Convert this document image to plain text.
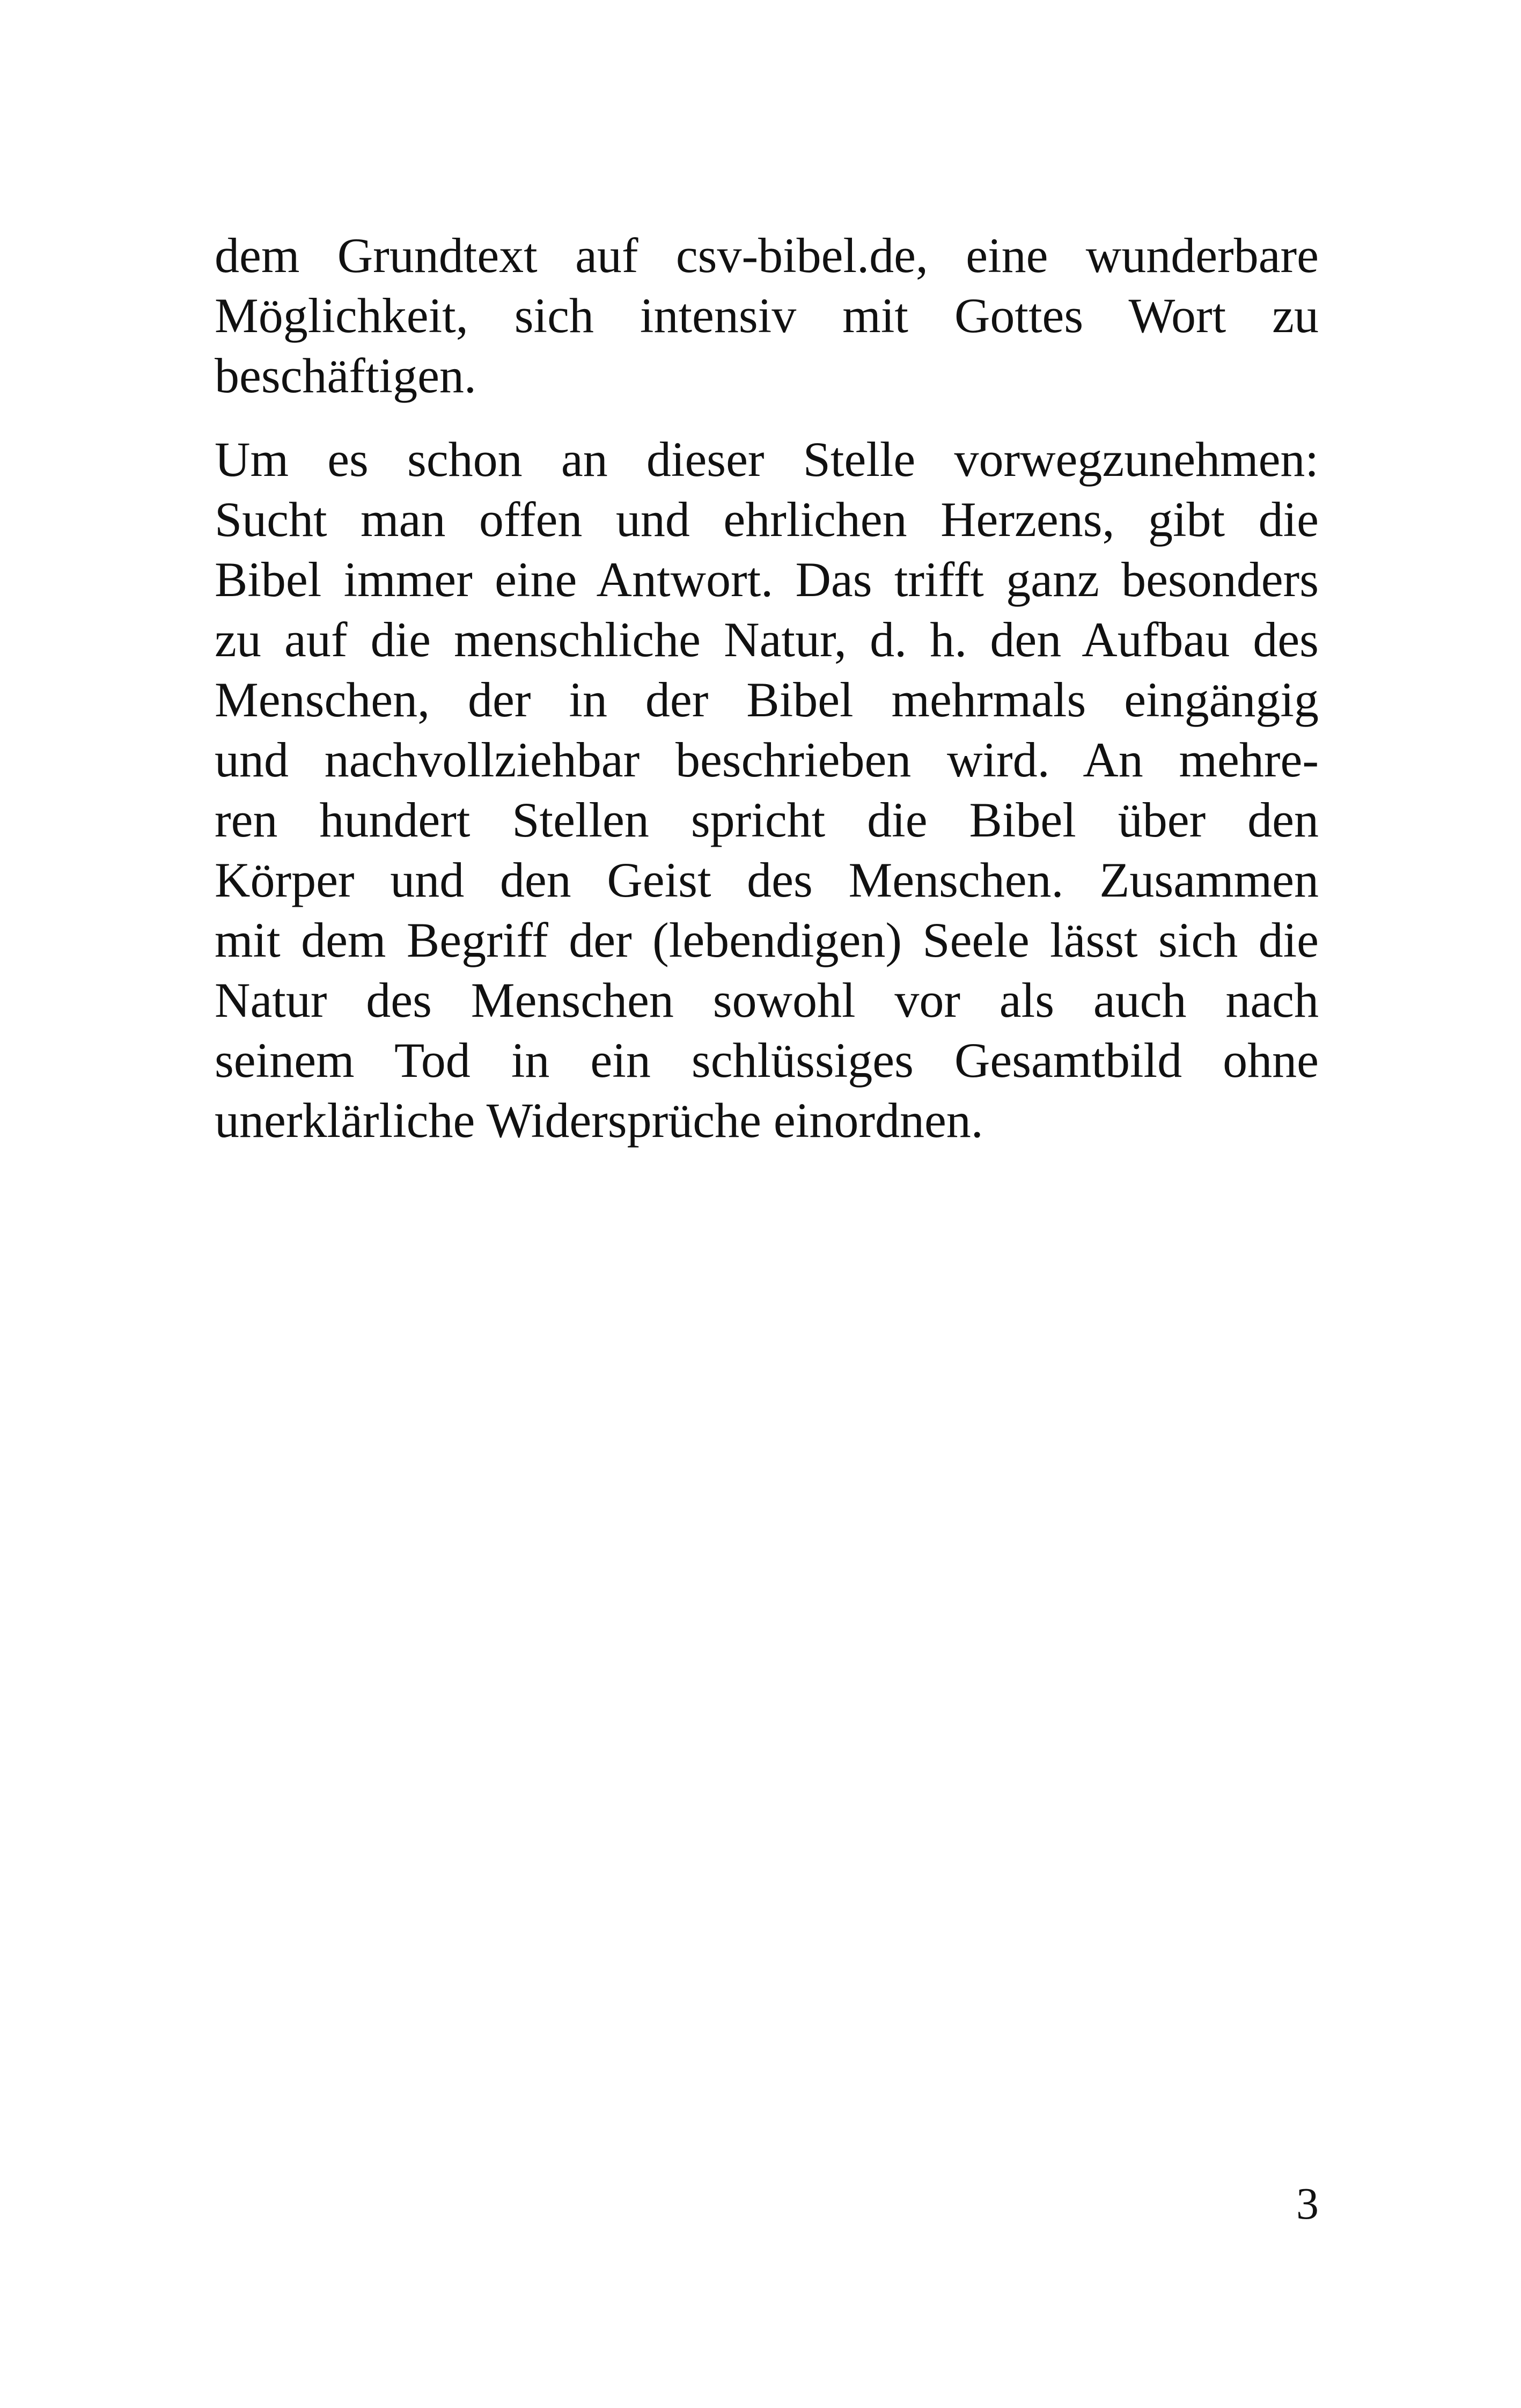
dem Grundtext auf csv-bibel.de, eine wunderbare
Möglichkeit, sich intensiv mit Gottes Wort zu
beschäftigen.
Um es schon an dieser Stelle vorwegzunehmen:
Sucht man offen und ehrlichen Herzens, gibt die
Bibel immer eine Antwort. Das trifft ganz besonders
zu auf die menschliche Natur, d. h. den Aufbau des
Menschen, der in der Bibel mehrmals eingängig
und nachvollziehbar beschrieben wird. An mehre-
ren hundert Stellen spricht die Bibel über den
Körper und den Geist des Menschen. Zusammen
mit dem Begriff der (lebendigen) Seele lässt sich die
Natur des Menschen sowohl vor als auch nach
seinem Tod in ein schlüssiges Gesamtbild ohne
unerklärliche Widersprüche einordnen.
3
